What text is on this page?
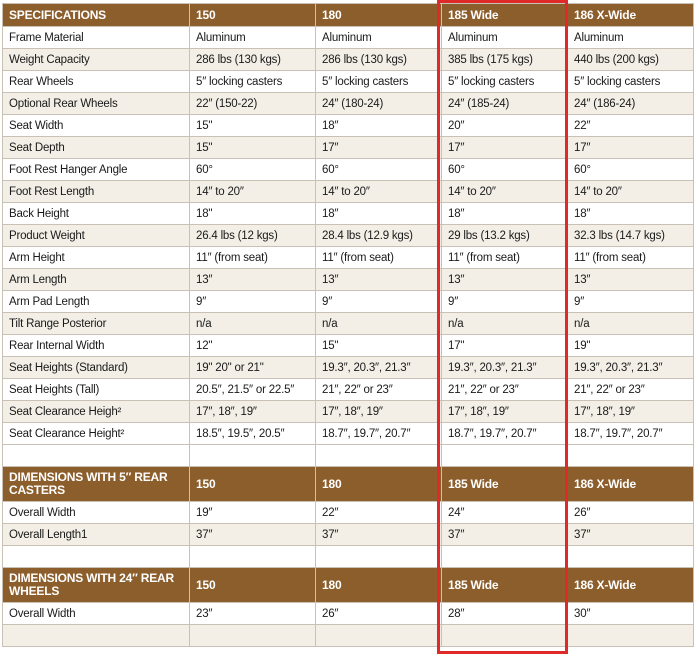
SPECIFICATIONS	150	180	185 Wide	186 X-Wide
Frame Material	Aluminum	Aluminum	Aluminum	Aluminum
Weight Capacity	286 lbs (130 kgs)	286 lbs (130 kgs)	385 lbs (175 kgs)	440 lbs (200 kgs)
Rear Wheels	5″ locking casters	5″ locking casters	5″ locking casters	5″ locking casters
Optional Rear Wheels	22″ (150-22)	24″ (180-24)	24″ (185-24)	24″ (186-24)
Seat Width	15"	18″	20″	22″
Seat Depth	15"	17″	17″	17″
Foot Rest Hanger Angle	60°	60°	60°	60°
Foot Rest Length	14″ to 20″	14″ to 20″	14″ to 20″	14″ to 20″
Back Height	18"	18″	18″	18″
Product Weight	26.4 lbs (12 kgs)	28.4 lbs (12.9 kgs)	29 lbs (13.2 kgs)	32.3 lbs (14.7 kgs)
Arm Height	11″ (from seat)	11″ (from seat)	11″ (from seat)	11″ (from seat)
Arm Length	13″	13″	13″	13″
Arm Pad Length	9″	9″	9″	9″
Tilt Range Posterior	n/a	n/a	n/a	n/a
Rear Internal Width	12"	15"	17"	19"
Seat Heights (Standard)	19" 20" or 21"	19.3″, 20.3″, 21.3″	19.3″, 20.3″, 21.3″	19.3″, 20.3″, 21.3″
Seat Heights (Tall)	20.5″, 21.5″ or 22.5″	21″, 22″ or 23″	21″, 22″ or 23″	21″, 22″ or 23″
Seat Clearance Heigh²	17″, 18″, 19″	17″, 18″, 19″	17″, 18″, 19″	17″, 18″, 19″
Seat Clearance Height²	18.5″, 19.5″, 20.5″	18.7″, 19.7″, 20.7″	18.7″, 19.7″, 20.7″	18.7″, 19.7″, 20.7″

DIMENSIONS WITH 5″ REAR CASTERS	150	180	185 Wide	186 X-Wide
Overall Width	19″	22″	24″	26″
Overall Length1	37″	37″	37″	37″

DIMENSIONS WITH 24″ REAR WHEELS	150	180	185 Wide	186 X-Wide
Overall Width	23″	26″	28″	30″
